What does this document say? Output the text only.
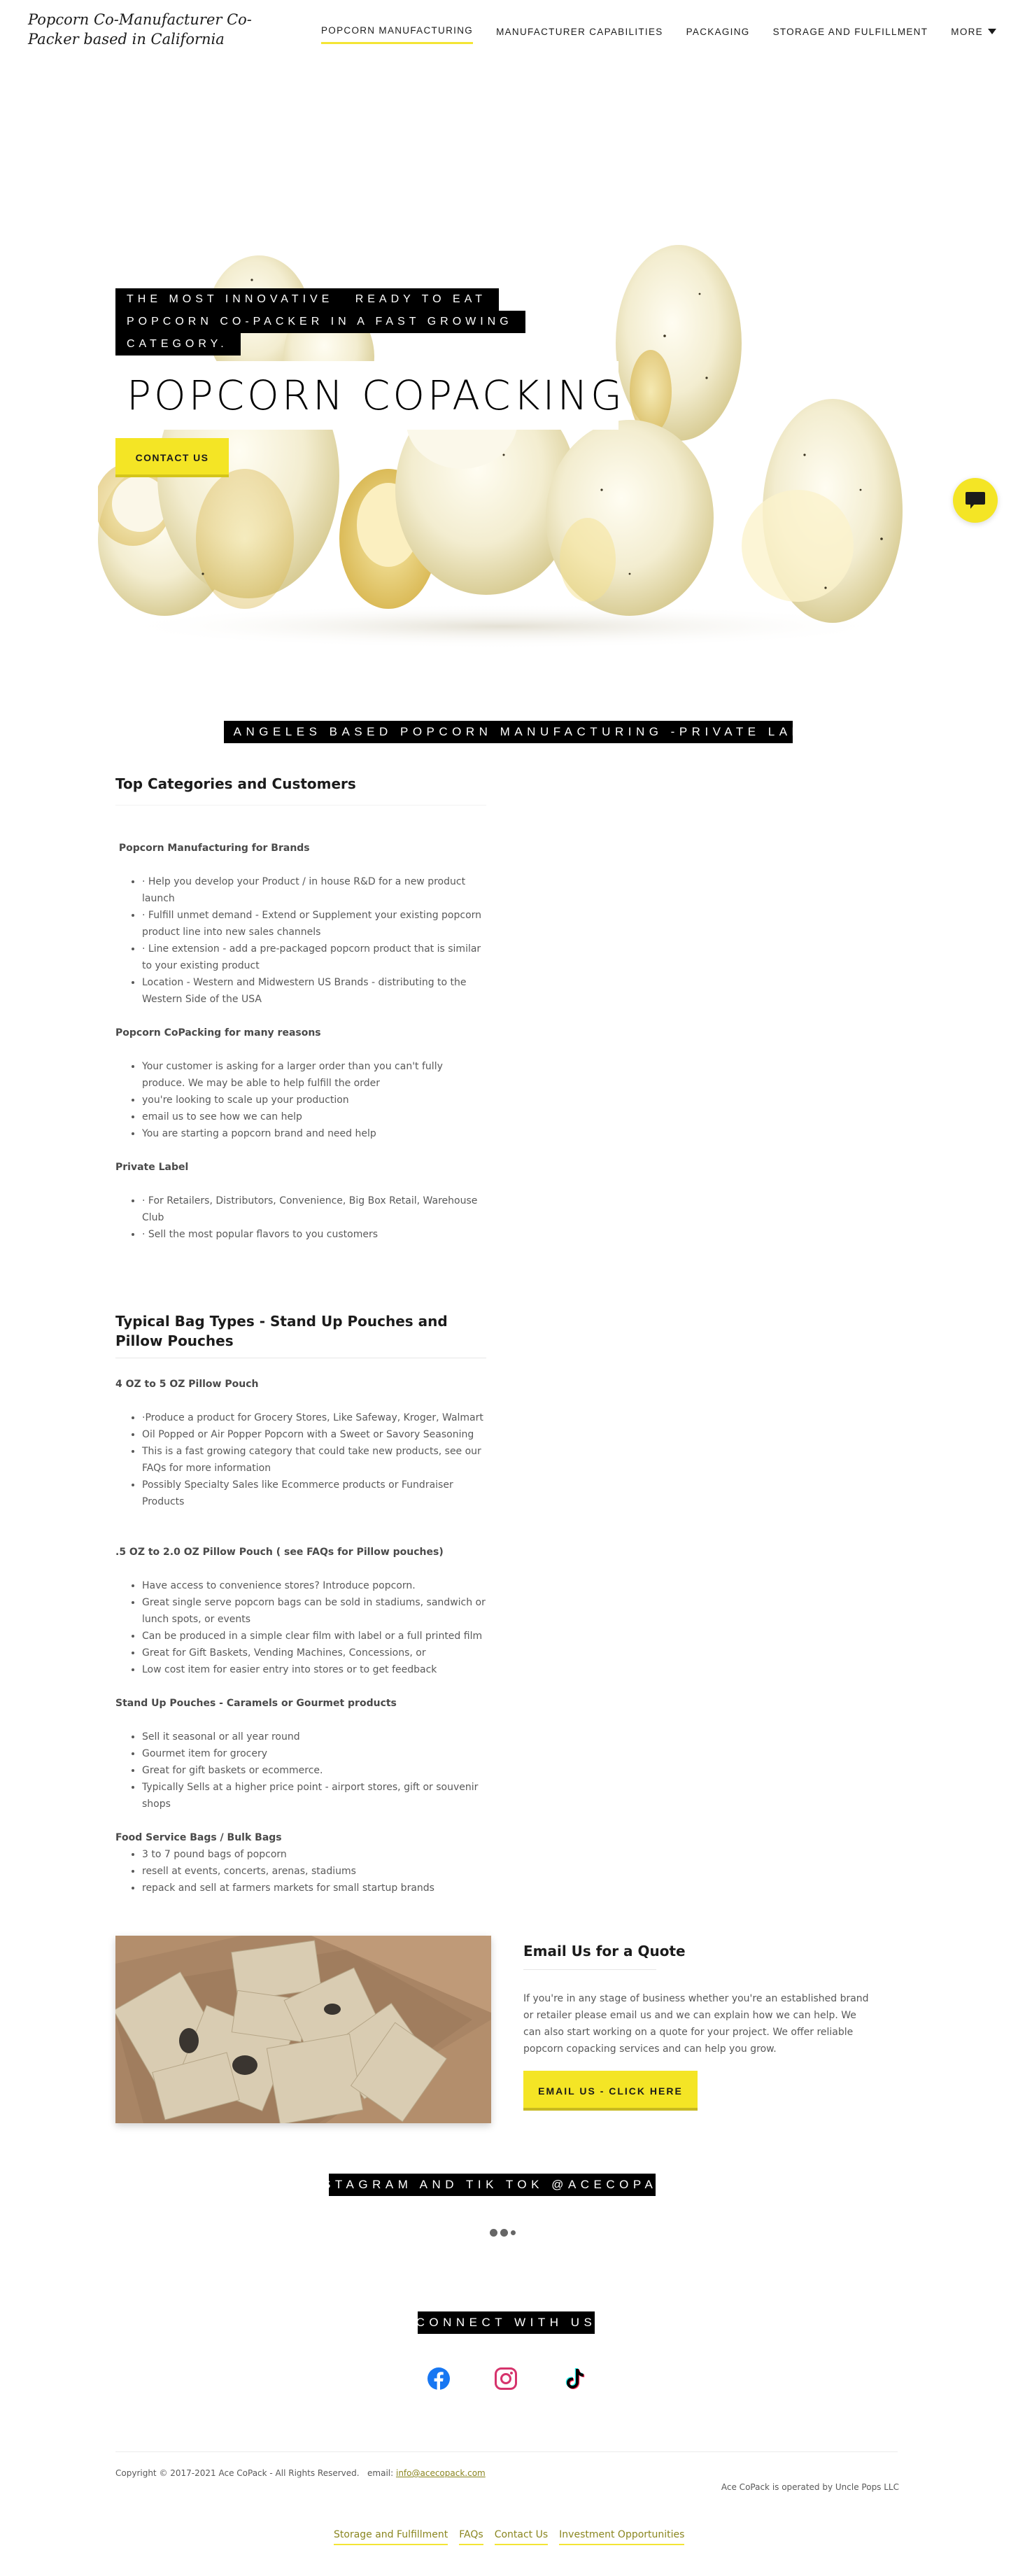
Popcorn Co-Manufacturer Co-Packer based in California
POPCORN MANUFACTURING MANUFACTURER CAPABILITIES PACKAGING STORAGE AND FULFILLMENT MORE
THE MOST INNOVATIVE   READY TO EAT
POPCORN CO-PACKER IN A FAST GROWING
CATEGORY.
POPCORN COPACKING
CONTACT US
LOS ANGELES BASED POPCORN MANUFACTURING -PRIVATE LABEL
Top Categories and Customers

Popcorn Manufacturing for Brands

• · Help you develop your Product / in house R&D for a new product launch
• · Fulfill unmet demand - Extend or Supplement your existing popcorn product line into new sales channels
• · Line extension - add a pre-packaged popcorn product that is similar to your existing product
• Location - Western and Midwestern US Brands - distributing to the Western Side of the USA

Popcorn CoPacking for many reasons

• Your customer is asking for a larger order than you can't fully produce. We may be able to help fulfill the order
• you're looking to scale up your production
• email us to see how we can help
• You are starting a popcorn brand and need help

Private Label

• · For Retailers, Distributors, Convenience, Big Box Retail, Warehouse Club
• · Sell the most popular flavors to you customers
Typical Bag Types - Stand Up Pouches and Pillow Pouches

4 OZ to 5 OZ Pillow Pouch

• ·Produce a product for Grocery Stores, Like Safeway, Kroger, Walmart
• Oil Popped or Air Popper Popcorn with a Sweet or Savory Seasoning
• This is a fast growing category that could take new products, see our FAQs for more information
• Possibly Specialty Sales like Ecommerce products or Fundraiser Products

.5 OZ to 2.0 OZ Pillow Pouch ( see FAQs for Pillow pouches)

• Have access to convenience stores? Introduce popcorn.
• Great single serve popcorn bags can be sold in stadiums, sandwich or lunch spots, or events
• Can be produced in a simple clear film with label or a full printed film
• Great for Gift Baskets, Vending Machines, Concessions, or
• Low cost item for easier entry into stores or to get feedback

Stand Up Pouches - Caramels or Gourmet products

• Sell it seasonal or all year round
• Gourmet item for grocery
• Great for gift baskets or ecommerce.
• Typically Sells at a higher price point - airport stores, gift or souvenir shops

Food Service Bags / Bulk Bags

• 3 to 7 pound bags of popcorn
• resell at events, concerts, arenas, stadiums
• repack and sell at farmers markets for small startup brands
Email Us for a Quote

If you're in any stage of business whether you're an established brand or retailer please email us and we can explain how we can help. We can also start working on a quote for your project. We offer reliable popcorn copacking services and can help you grow.

EMAIL US - CLICK HERE
INSTAGRAM AND TIK TOK @ACECOPACK
CONNECT WITH US

Copyright © 2017-2021 Ace CoPack - All Rights Reserved.   email: info@acecopack.com

Ace CoPack is operated by Uncle Pops LLC

Storage and Fulfillment FAQs Contact Us Investment Opportunities
